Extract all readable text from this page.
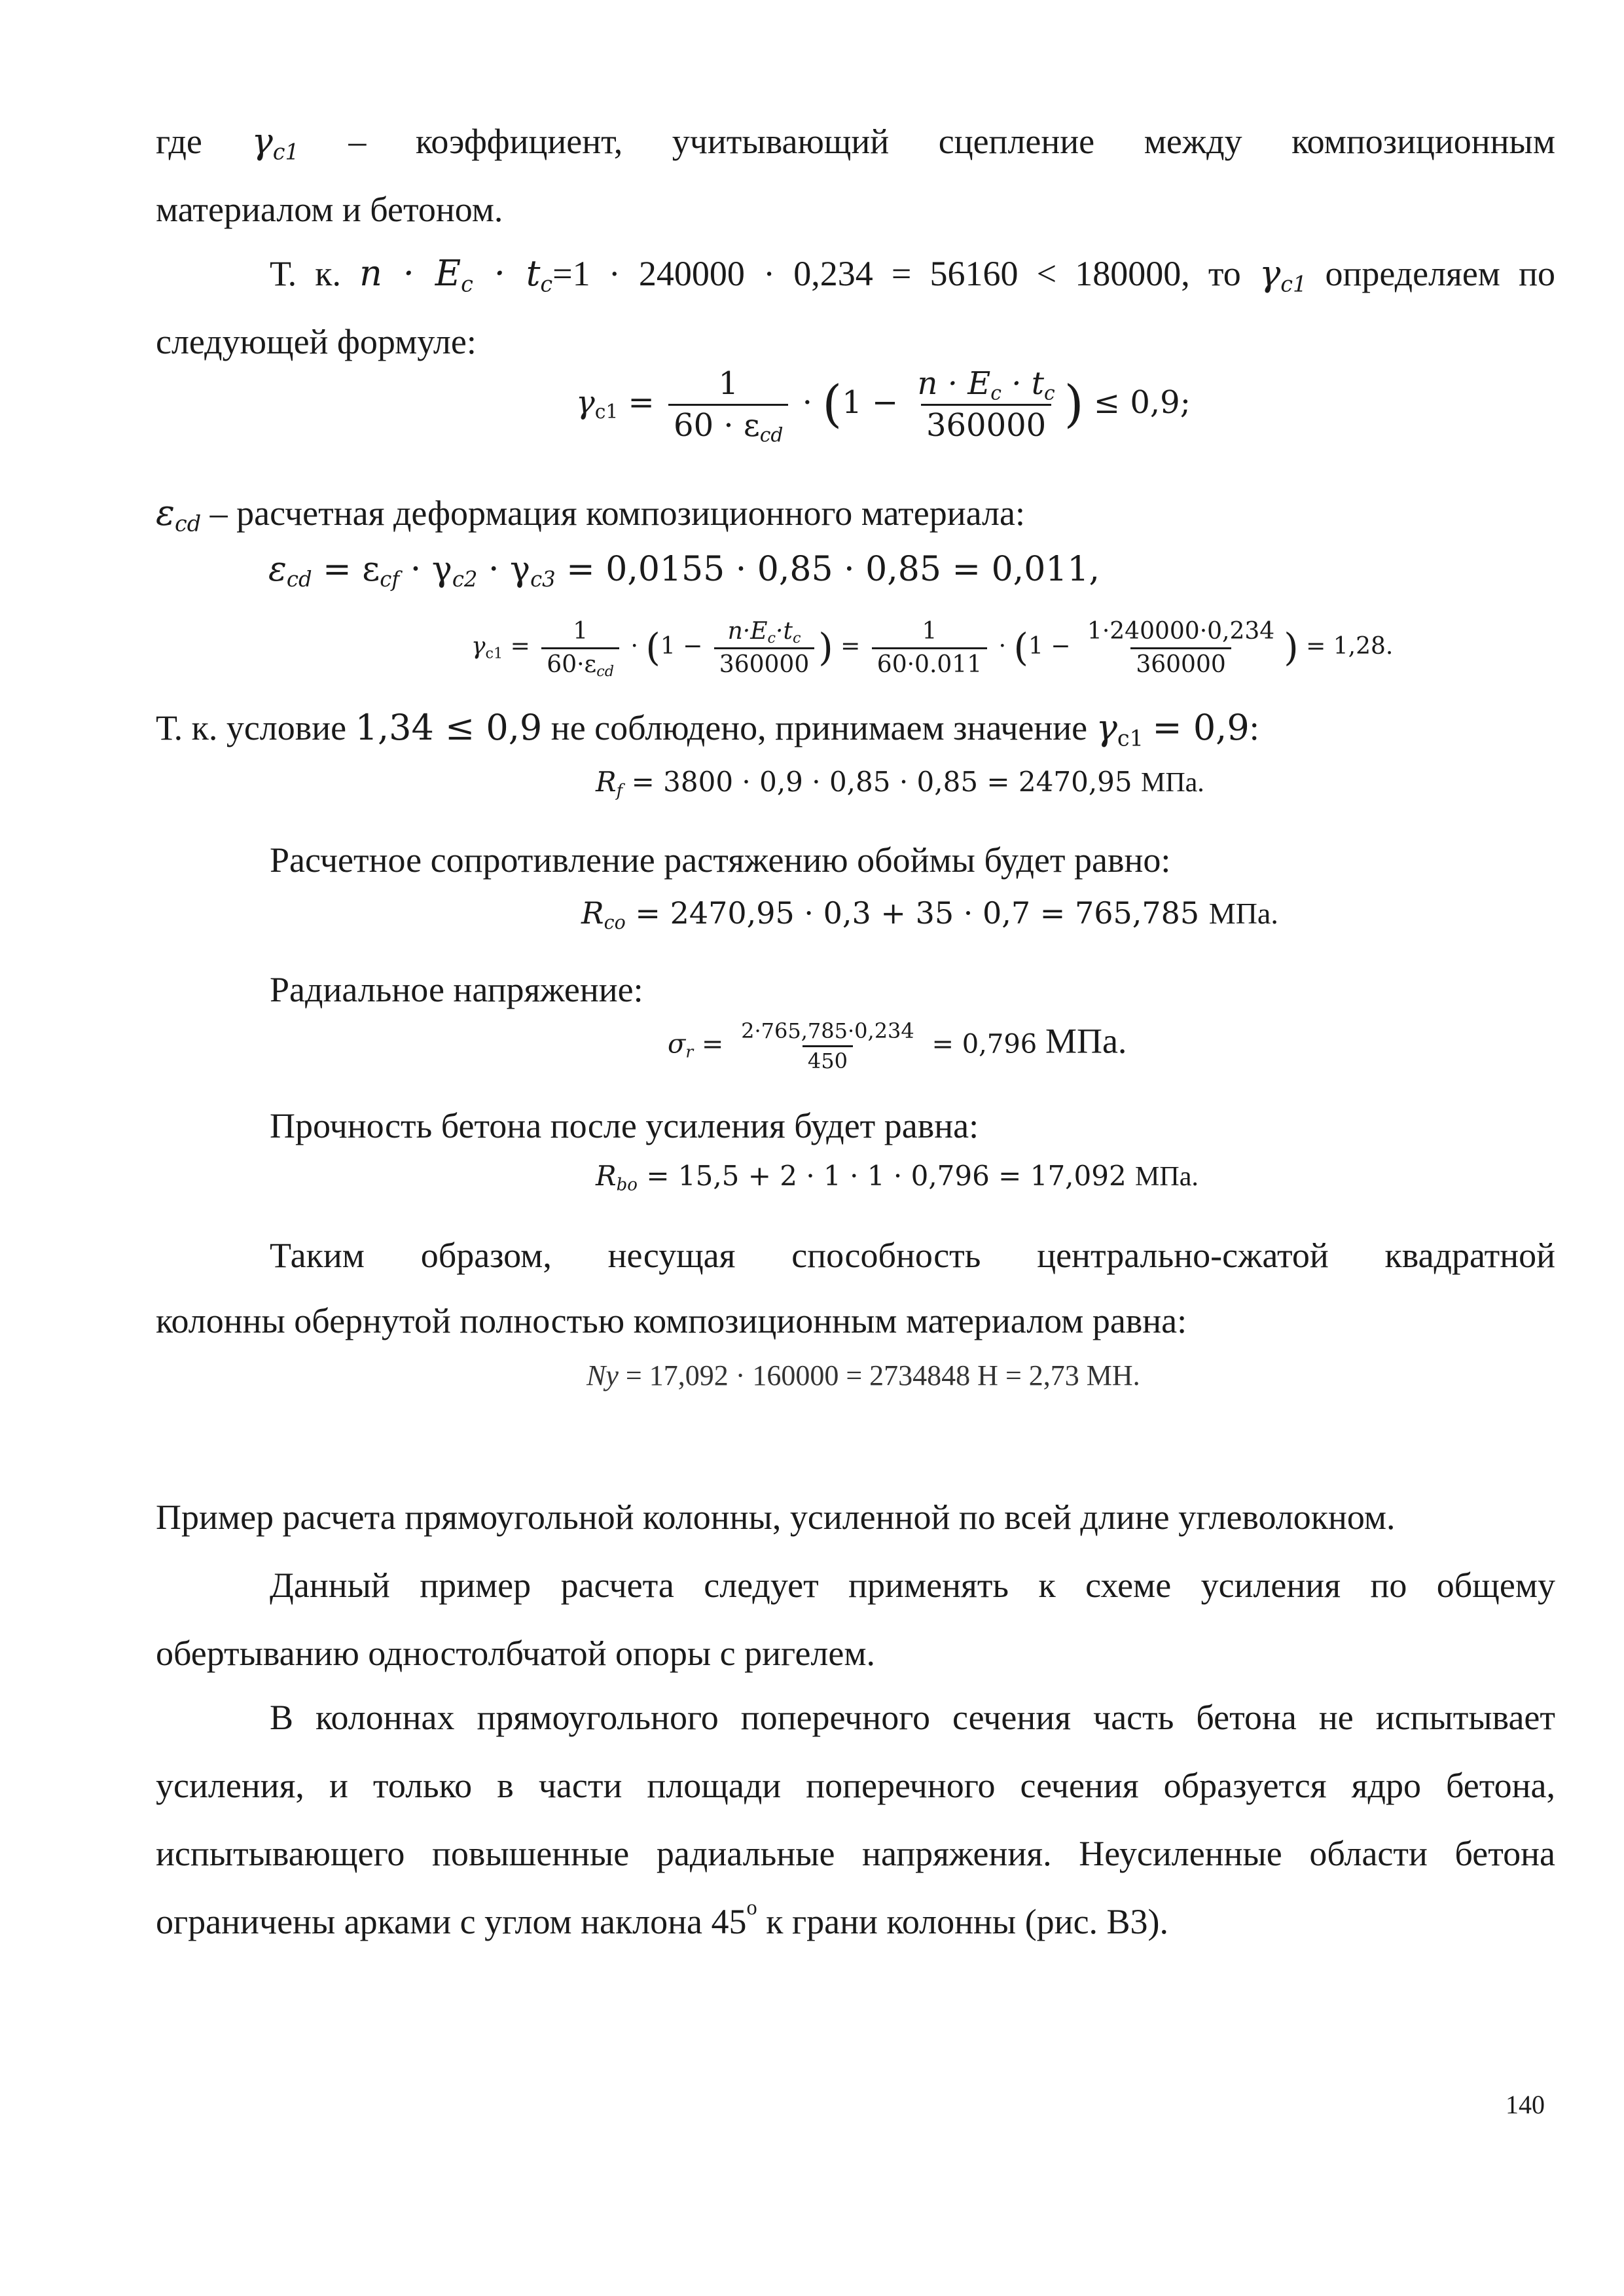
где $\gamma_{c1}$ – коэффициент, учитывающий сцепление между композиционным
материалом и бетоном.
Т. к. $n \cdot E_c \cdot t_c=1 \cdot 240000 \cdot 0,234 = 56160 < 180000$, то $\gamma_{c1}$ определяем по
следующей формуле:
$\gamma_{c1} = \frac{1}{60 \cdot \varepsilon_{cd}} \cdot (1 - \frac{n \cdot E_c \cdot t_c}{360000}$ ) ≤ 0,9;
$\varepsilon_{cd}$ – расчетная деформация композиционного материала:
$\varepsilon_{cd} = \varepsilon_{cf} \cdot \gamma_{c2} \cdot \gamma_{c3} = 0,0155 \cdot 0,85 \cdot 0,85 = 0,011$,
$\gamma_{c1} = \frac{1}{60\cdot\varepsilon_{cd}} \cdot (1 - \frac{n\cdot E_c\cdot t_c}{360000}$ ) = $\frac{1}{60\cdot 0.011} \cdot (1 - \frac{1\cdot 240000\cdot 0,234}{360000}$ ) = 1,28.
Т. к. условие 1,34 ≤ 0,9 не соблюдено, принимаем значение $\gamma_{c1} = 0,9$:
$R_f = 3800 \cdot 0,9 \cdot 0,85 \cdot 0,85 = 2470,95$ МПа.
Расчетное сопротивление растяжению обоймы будет равно:
$R_{co} = 2470,95 \cdot 0,3 + 35 \cdot 0,7 = 765,785$ МПа.
Радиальное напряжение:
$\sigma_r = \frac{2\cdot 765,785\cdot 0,234}{450} = 0,796$ МПа.
Прочность бетона после усиления будет равна:
$R_{bo} = 15,5 + 2 \cdot 1 \cdot 1 \cdot 0,796 = 17,092$ МПа.
Таким образом, несущая способность центрально-сжатой квадратной
колонны обернутой полностью композиционным материалом равна:
Ny = 17,092 · 160000 = 2734848 Н = 2,73 МН.
Пример расчета прямоугольной колонны, усиленной по всей длине углеволокном.
Данный пример расчета следует применять к схеме усиления по общему обертыванию одностолбчатой опоры с ригелем.
В колоннах прямоугольного поперечного сечения часть бетона не испытывает усиления, и только в части площади поперечного сечения образуется ядро бетона, испытывающего повышенные радиальные напряжения. Неусиленные области бетона ограничены арками с углом наклона 45$^o$ к грани колонны (рис. В3).
140
